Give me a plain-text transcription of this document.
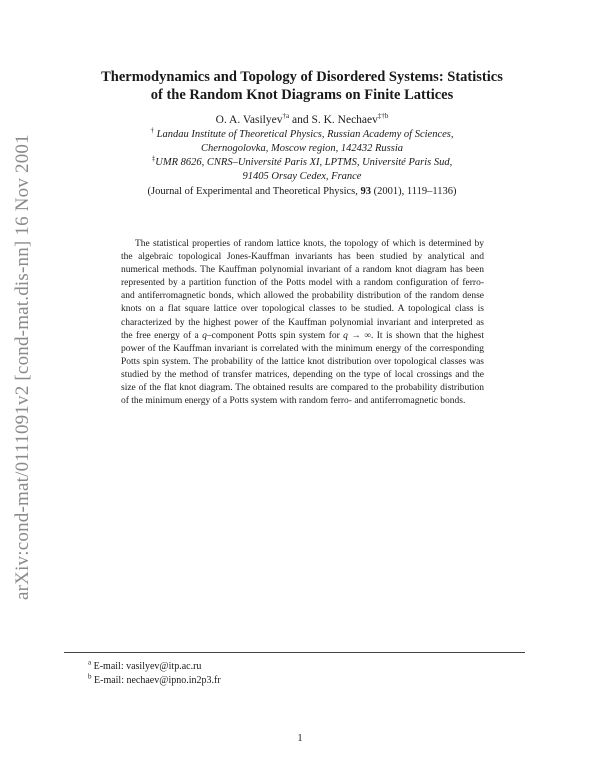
arXiv:cond-mat/0111091v2 [cond-mat.dis-nn] 16 Nov 2001
Thermodynamics and Topology of Disordered Systems: Statistics
of the Random Knot Diagrams on Finite Lattices
O. A. Vasilyev$^{\dagger a}$ and S. K. Nechaev$^{\ddagger\dagger b}$
† Landau Institute of Theoretical Physics, Russian Academy of Sciences,
Chernogolovka, Moscow region, 142432 Russia
‡UMR 8626, CNRS–Université Paris XI, LPTMS, Université Paris Sud,
91405 Orsay Cedex, France
(Journal of Experimental and Theoretical Physics, 93 (2001), 1119–1136)

The statistical properties of random lattice knots, the topology of which is determined by the algebraic topological Jones-Kauffman invariants has been studied by analytical and numerical methods. The Kauffman polynomial invariant of a random knot diagram has been represented by a partition function of the Potts model with a random configuration of ferro- and antiferromagnetic bonds, which allowed the probability distribution of the random dense knots on a flat square lattice over topological classes to be studied. A topological class is characterized by the highest power of the Kauffman polynomial invariant and interpreted as the free energy of a q–component Potts spin system for q → ∞. It is shown that the highest power of the Kauffman invariant is correlated with the minimum energy of the corresponding Potts spin system. The probability of the lattice knot distribution over topological classes was studied by the method of transfer matrices, depending on the type of local crossings and the size of the flat knot diagram. The obtained results are compared to the probability distribution of the minimum energy of a Potts system with random ferro- and antiferromagnetic bonds.

$^a$ E-mail: vasilyev@itp.ac.ru
$^b$ E-mail: nechaev@ipno.in2p3.fr
1
